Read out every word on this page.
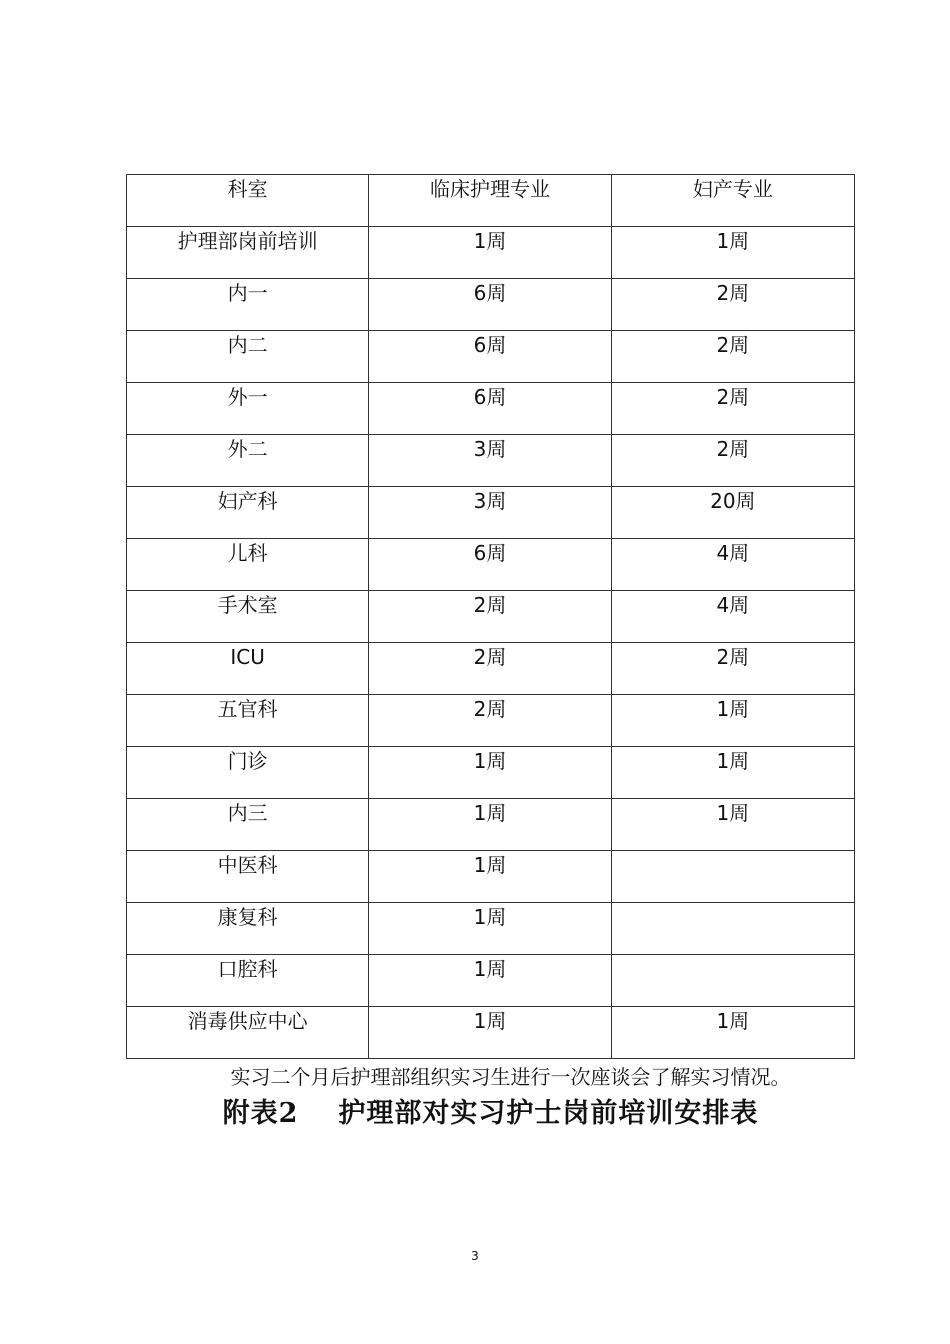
科室	临床护理专业	妇产专业

护理部岗前培训	1周	1周

内一	6周	2周

内二	6周	2周

外一	6周	2周

外二	3周	2周

妇产科	3周	20周

儿科	6周	4周

手术室	2周	4周

ICU	2周	2周

五官科	2周	1周

门诊	1周	1周

内三	1周	1周

中医科	1周	

康复科	1周	

口腔科	1周	

消毒供应中心	1周	1周
实习二个月后护理部组织实习生进行一次座谈会了解实习情况。
附表2 护理部对实习护士岗前培训安排表
3
